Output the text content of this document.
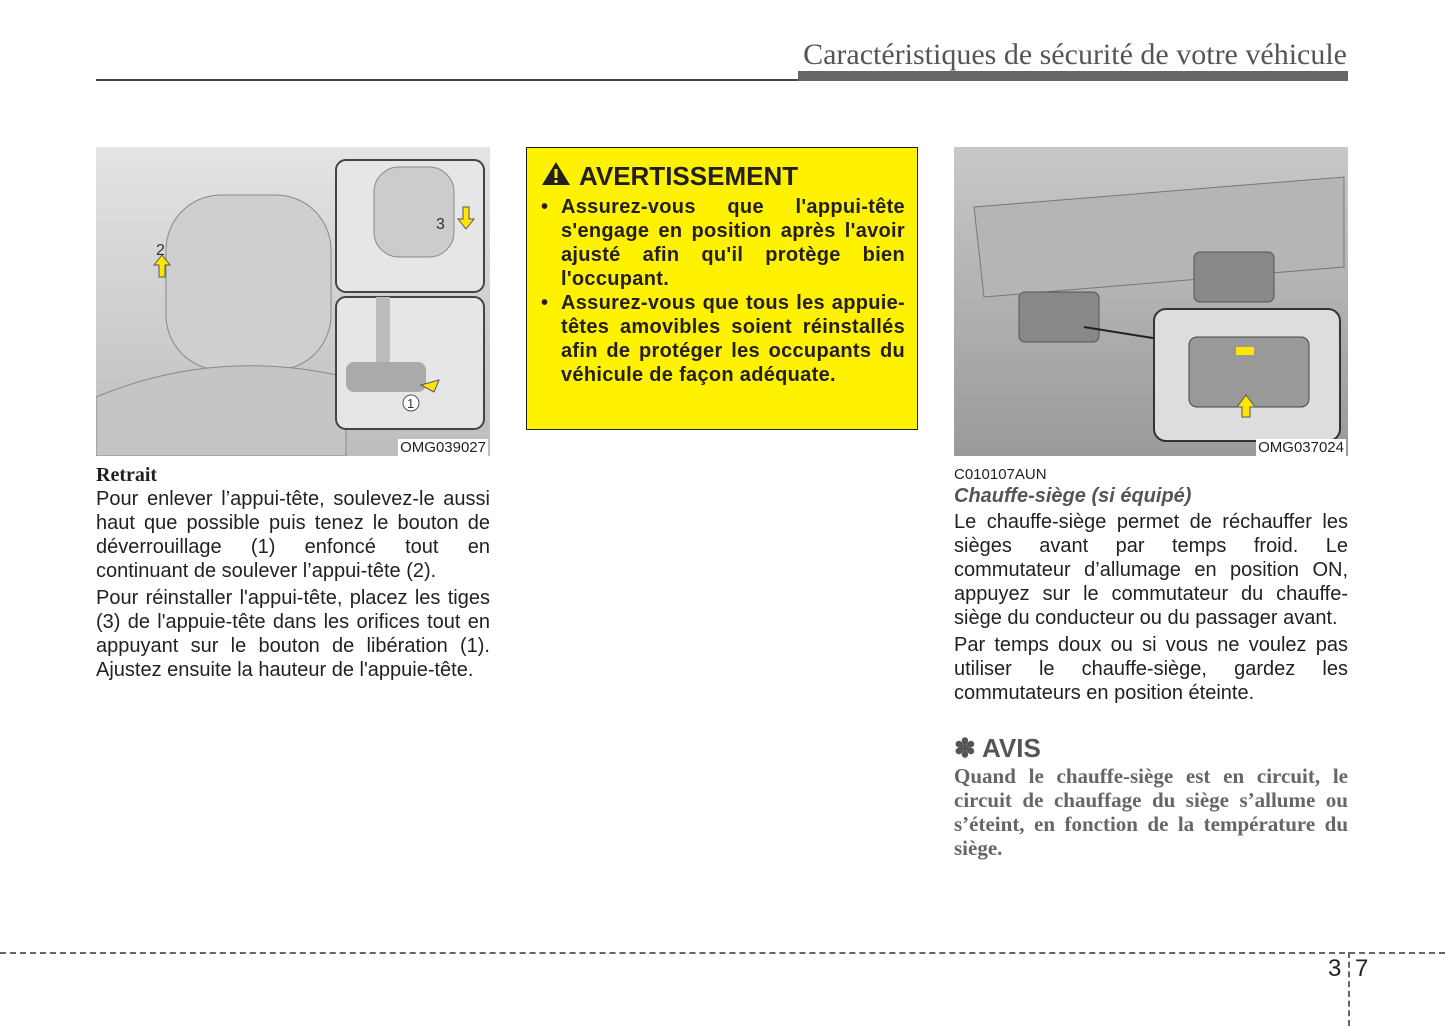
Caractéristiques de sécurité de votre véhicule
2
3
1
OMG039027
Retrait

Pour enlever l’appui-tête, soulevez-le aussi haut que possible puis tenez le bouton de déverrouillage (1) enfoncé tout en continuant de soulever l’appui-tête (2).

Pour réinstaller l'appui-tête, placez les tiges (3) de l'appuie-tête dans les orifices tout en appuyant sur le bouton de libération (1). Ajustez ensuite la hauteur de l'appuie-tête.

AVERTISSEMENT
• Assurez-vous que l'appui-tête s'engage en position après l'avoir ajusté afin qu'il protège bien l'occupant.
• Assurez-vous que tous les appuie-têtes amovibles soient réinstallés afin de protéger les occupants du véhicule de façon adéquate.
OMG037024
C010107AUN
Chauffe-siège (si équipé)

Le chauffe-siège permet de réchauffer les sièges avant par temps froid. Le commutateur d’allumage en position ON, appuyez sur le commutateur du chauffe-siège du conducteur ou du passager avant.

Par temps doux ou si vous ne voulez pas utiliser le chauffe-siège, gardez les commutateurs en position éteinte.

✽ AVIS
Quand le chauffe-siège est en circuit, le circuit de chauffage du siège s’allume ou s’éteint, en fonction de la température du siège.
3 7
